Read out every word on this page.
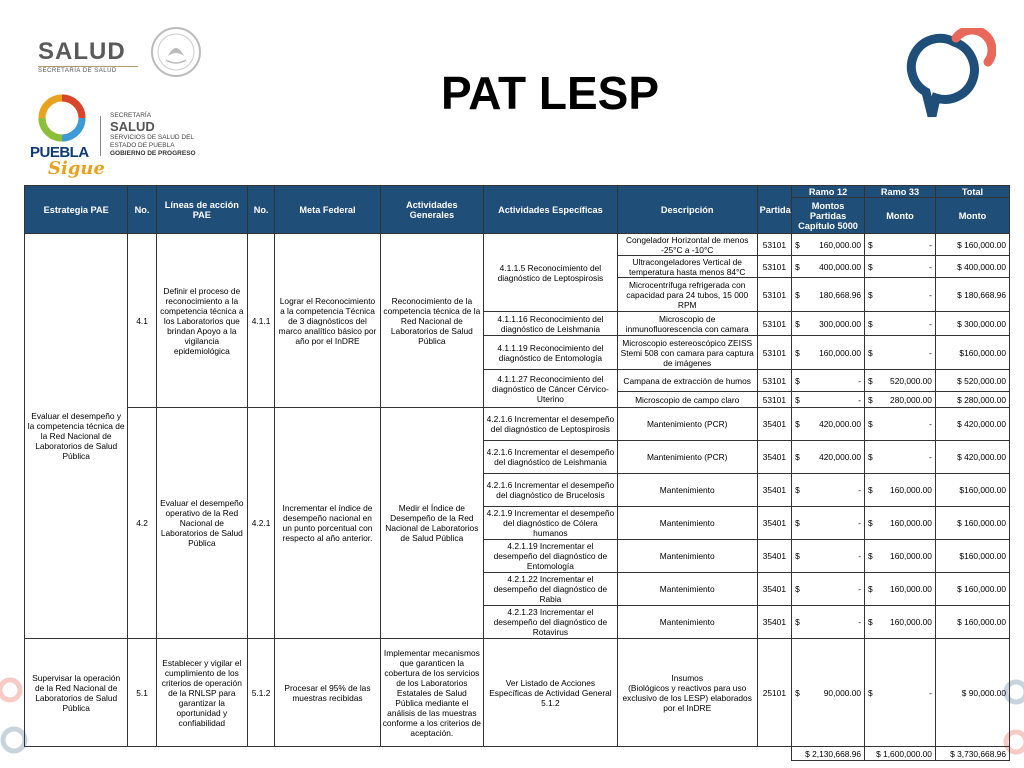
SALUD
SECRETARÍA DE SALUD
PUEBLA
Sigue
SECRETARÍA
SALUD
SERVICIOS DE SALUD DEL
ESTADO DE PUEBLA
GOBIERNO DE PROGRESO
PAT LESP
Estrategia PAE	No.	Líneas de acción PAE	No.	Meta Federal	Actividades Generales	Actividades Específicas	Descripción	Partida	Ramo 12	Ramo 33	Total
									Montos Partidas Capítulo 5000	Monto	Monto
Evaluar el desempeño y la competencia técnica de la Red Nacional de Laboratorios de Salud Pública	4.1	Definir el proceso de reconocimiento a la competencia técnica a los Laboratorios que brindan Apoyo a la vigilancia epidemiológica	4.1.1	Lograr el Reconocimiento a la competencia Técnica de 3 diagnósticos del marco analítico básico por año por el InDRE	Reconocimiento de la competencia técnica de la Red Nacional de Laboratorios de Salud Pública	4.1.1.5 Reconocimiento del diagnóstico de Leptospirosis	Congelador Horizontal de menos -25°C a -10°C	53101	$ 160,000.00	$ -	$ 160,000.00
							Ultracongeladores Vertical de temperatura hasta menos 84°C	53101	$ 400,000.00	$ -	$ 400,000.00
							Microcentrífuga refrigerada con capacidad para 24 tubos, 15 000 RPM	53101	$ 180,668.96	$ -	$ 180,668.96
						4.1.1.16 Reconocimiento del diagnóstico de Leishmania	Microscopio de inmunofluorescencia con camara	53101	$ 300,000.00	$ -	$ 300,000.00
						4.1.1.19 Reconocimiento del diagnóstico de Entomología	Microscopio estereoscópico ZEISS Stemi 508 con camara para captura de imágenes	53101	$ 160,000.00	$ -	$160,000.00
						4.1.1.27 Reconocimiento del diagnóstico de Cáncer Cérvico-Uterino	Campana de extracción de humos	53101	$ -	$ 520,000.00	$ 520,000.00
							Microscopio de campo claro	53101	$ -	$ 280,000.00	$ 280,000.00
	4.2	Evaluar el desempeño operativo de la Red Nacional de Laboratorios de Salud Pública	4.2.1	Incrementar el índice de desempeño nacional en un punto porcentual con respecto al año anterior.	Medir el Índice de Desempeño de la Red Nacional de Laboratorios de Salud Pública	4.2.1.6 Incrementar el desempeño del diagnóstico de Leptospirosis	Mantenimiento (PCR)	35401	$ 420,000.00	$ -	$ 420,000.00
						4.2.1.6 Incrementar el desempeño del diagnóstico de Leishmania	Mantenimiento (PCR)	35401	$ 420,000.00	$ -	$ 420,000.00
						4.2.1.6 Incrementar el desempeño del diagnóstico de Brucelosis	Mantenimiento	35401	$ -	$ 160,000.00	$160,000.00
						4.2.1.9 Incrementar el desempeño del diagnóstico de Cólera humanos	Mantenimiento	35401	$ -	$ 160,000.00	$ 160,000.00
						4.2.1.19 Incrementar el desempeño del diagnóstico de Entomología	Mantenimiento	35401	$ -	$ 160,000.00	$160,000.00
						4.2.1.22 Incrementar el desempeño del diagnóstico de Rabia	Mantenimiento	35401	$ -	$ 160,000.00	$ 160,000.00
						4.2.1.23 Incrementar el desempeño del diagnóstico de Rotavirus	Mantenimiento	35401	$ -	$ 160,000.00	$ 160,000.00
Supervisar la operación de la Red Nacional de Laboratorios de Salud Pública	5.1	Establecer y vigilar el cumplimiento de los criterios de operación de la RNLSP para garantizar la oportunidad y confiabilidad	5.1.2	Procesar el 95% de las muestras recibidas	Implementar mecanismos que garanticen la cobertura de los servicios de los Laboratorios Estatales de Salud Pública mediante el análisis de las muestras conforme a los criterios de aceptación.	Ver Listado de Acciones Específicas de Actividad General 5.1.2	Insumos
(Biológicos y reactivos para uso exclusivo de los LESP) elaborados por el InDRE	25101	$ 90,000.00	$ -	$ 90,000.00
									$ 2,130,668.96	$ 1,600,000.00	$ 3,730,668.96
